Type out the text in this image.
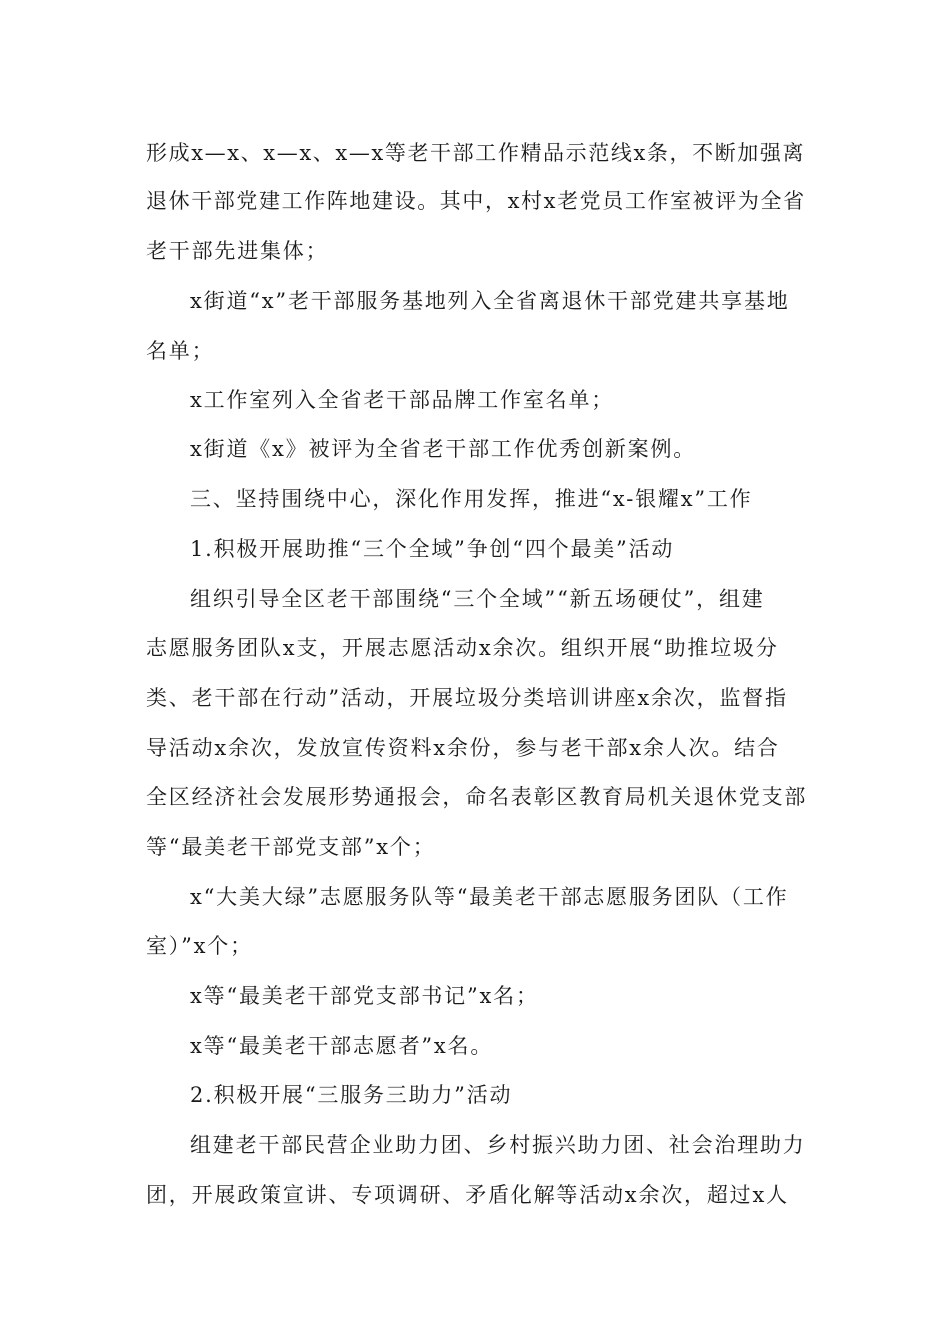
形成x—x、x—x、x—x等老干部工作精品示范线x条，不断加强离
退休干部党建工作阵地建设。其中，x村x老党员工作室被评为全省
老干部先进集体；
x街道“x”老干部服务基地列入全省离退休干部党建共享基地
名单；
x工作室列入全省老干部品牌工作室名单；
x街道《x》被评为全省老干部工作优秀创新案例。
三、坚持围绕中心，深化作用发挥，推进“x-银耀x”工作
1.积极开展助推“三个全域”争创“四个最美”活动
组织引导全区老干部围绕“三个全域”“新五场硬仗”，组建
志愿服务团队x支，开展志愿活动x余次。组织开展“助推垃圾分
类、老干部在行动”活动，开展垃圾分类培训讲座x余次，监督指
导活动x余次，发放宣传资料x余份，参与老干部x余人次。结合
全区经济社会发展形势通报会，命名表彰区教育局机关退休党支部
等“最美老干部党支部”x个；
x“大美大绿”志愿服务队等“最美老干部志愿服务团队（工作
室）”x个；
x等“最美老干部党支部书记”x名；
x等“最美老干部志愿者”x名。
2.积极开展“三服务三助力”活动
组建老干部民营企业助力团、乡村振兴助力团、社会治理助力
团，开展政策宣讲、专项调研、矛盾化解等活动x余次，超过x人
